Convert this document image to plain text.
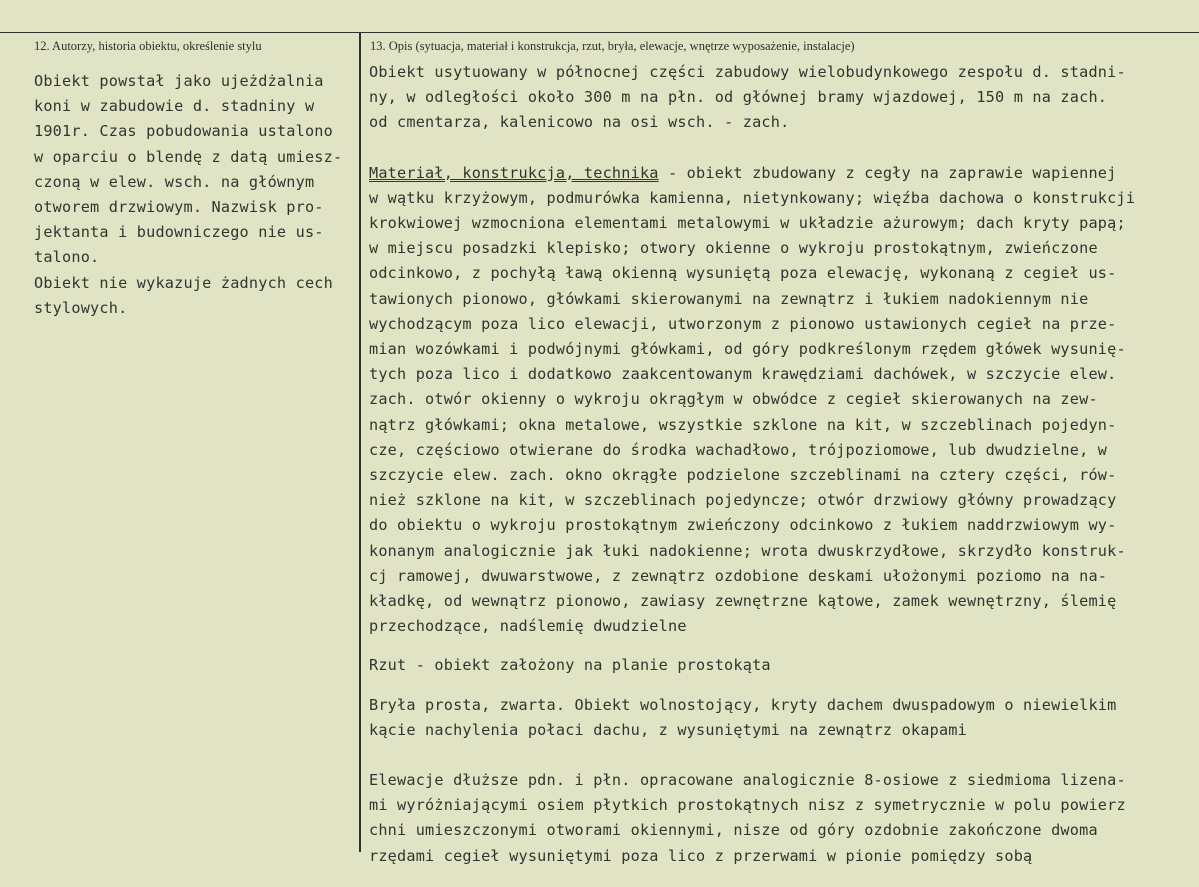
12. Autorzy, historia obiektu, określenie stylu	13. Opis (sytuacja, materiał i konstrukcja, rzut, bryła, elewacje, wnętrze wyposażenie, instalacje)
Obiekt powstał jako ujeżdżalnia
koni w zabudowie d. stadniny w
1901r. Czas pobudowania ustalono
w oparciu o blendę z datą umiesz-
czoną w elew. wsch. na głównym
otworem drzwiowym. Nazwisk pro-
jektanta i budowniczego nie us-
talono.
Obiekt nie wykazuje żadnych cech
stylowych.
Obiekt usytuowany w północnej części zabudowy wielobudynkowego zespołu d. stadni-
ny, w odległości około 300 m na płn. od głównej bramy wjazdowej, 150 m na zach.
od cmentarza, kalenicowo na osi wsch. - zach.
Materiał, konstrukcja, technika - obiekt zbudowany z cegły na zaprawie wapiennej
w wątku krzyżowym, podmurówka kamienna, nietynkowany; więźba dachowa o konstrukcji
krokwiowej wzmocniona elementami metalowymi w układzie ażurowym; dach kryty papą;
w miejscu posadzki klepisko; otwory okienne o wykroju prostokątnym, zwieńczone
odcinkowo, z pochyłą ławą okienną wysuniętą poza elewację, wykonaną z cegieł us-
tawionych pionowo, główkami skierowanymi na zewnątrz i łukiem nadokiennym nie
wychodzącym poza lico elewacji, utworzonym z pionowo ustawionych cegieł na prze-
mian wozówkami i podwójnymi główkami, od góry podkreślonym rzędem główek wysunię-
tych poza lico i dodatkowo zaakcentowanym krawędziami dachówek, w szczycie elew.
zach. otwór okienny o wykroju okrągłym w obwódce z cegieł skierowanych na zew-
nątrz główkami; okna metalowe, wszystkie szklone na kit, w szczeblinach pojedyn-
cze, częściowo otwierane do środka wachadłowo, trójpoziomowe, lub dwudzielne, w
szczycie elew. zach. okno okrągłe podzielone szczeblinami na cztery części, rów-
nież szklone na kit, w szczeblinach pojedyncze; otwór drzwiowy główny prowadzący
do obiektu o wykroju prostokątnym zwieńczony odcinkowo z łukiem naddrzwiowym wy-
konanym analogicznie jak łuki nadokienne; wrota dwuskrzydłowe, skrzydło konstruk-
cj ramowej, dwuwarstwowe, z zewnątrz ozdobione deskami ułożonymi poziomo na na-
kładkę, od wewnątrz pionowo, zawiasy zewnętrzne kątowe, zamek wewnętrzny, ślemię
przechodzące, nadślemię dwudzielne
Rzut - obiekt założony na planie prostokąta
Bryła prosta, zwarta. Obiekt wolnostojący, kryty dachem dwuspadowym o niewielkim
kącie nachylenia połaci dachu, z wysuniętymi na zewnątrz okapami
Elewacje dłuższe pdn. i płn. opracowane analogicznie 8-osiowe z siedmioma lizena-
mi wyróżniającymi osiem płytkich prostokątnych nisz z symetrycznie w polu powierz
chni umieszczonymi otworami okiennymi, nisze od góry ozdobnie zakończone dwoma
rzędami cegieł wysuniętymi poza lico z przerwami w pionie pomiędzy sobą
